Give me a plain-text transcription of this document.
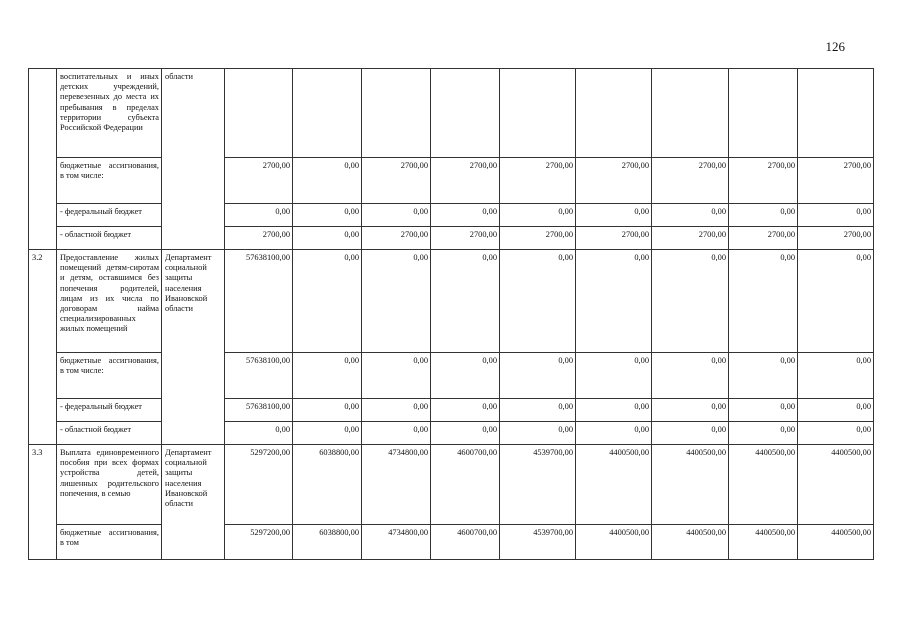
126
	воспитательных и иных детских учреждений, перевезенных до места их пребывания в пределах территории субъекта Российской Федерации	области									
	бюджетные ассигнования, в том числе:		2700,00	0,00	2700,00	2700,00	2700,00	2700,00	2700,00	2700,00	2700,00
	- федеральный бюджет		0,00	0,00	0,00	0,00	0,00	0,00	0,00	0,00	0,00
	- областной бюджет		2700,00	0,00	2700,00	2700,00	2700,00	2700,00	2700,00	2700,00	2700,00
3.2	Предоставление жилых помещений детям-сиротам и детям, оставшимся без попечения родителей, лицам из их числа по договорам найма специализированных жилых помещений	Департамент социальной защиты населения Ивановской области	57638100,00	0,00	0,00	0,00	0,00	0,00	0,00	0,00	0,00
	бюджетные ассигнования, в том числе:		57638100,00	0,00	0,00	0,00	0,00	0,00	0,00	0,00	0,00
	- федеральный бюджет		57638100,00	0,00	0,00	0,00	0,00	0,00	0,00	0,00	0,00
	- областной бюджет		0,00	0,00	0,00	0,00	0,00	0,00	0,00	0,00	0,00
3.3	Выплата единовременного пособия при всех формах устройства детей, лишенных родительского попечения, в семью	Департамент социальной защиты населения Ивановской области	5297200,00	6038800,00	4734800,00	4600700,00	4539700,00	4400500,00	4400500,00	4400500,00	4400500,00
	бюджетные ассигнования, в том		5297200,00	6038800,00	4734800,00	4600700,00	4539700,00	4400500,00	4400500,00	4400500,00	4400500,00
